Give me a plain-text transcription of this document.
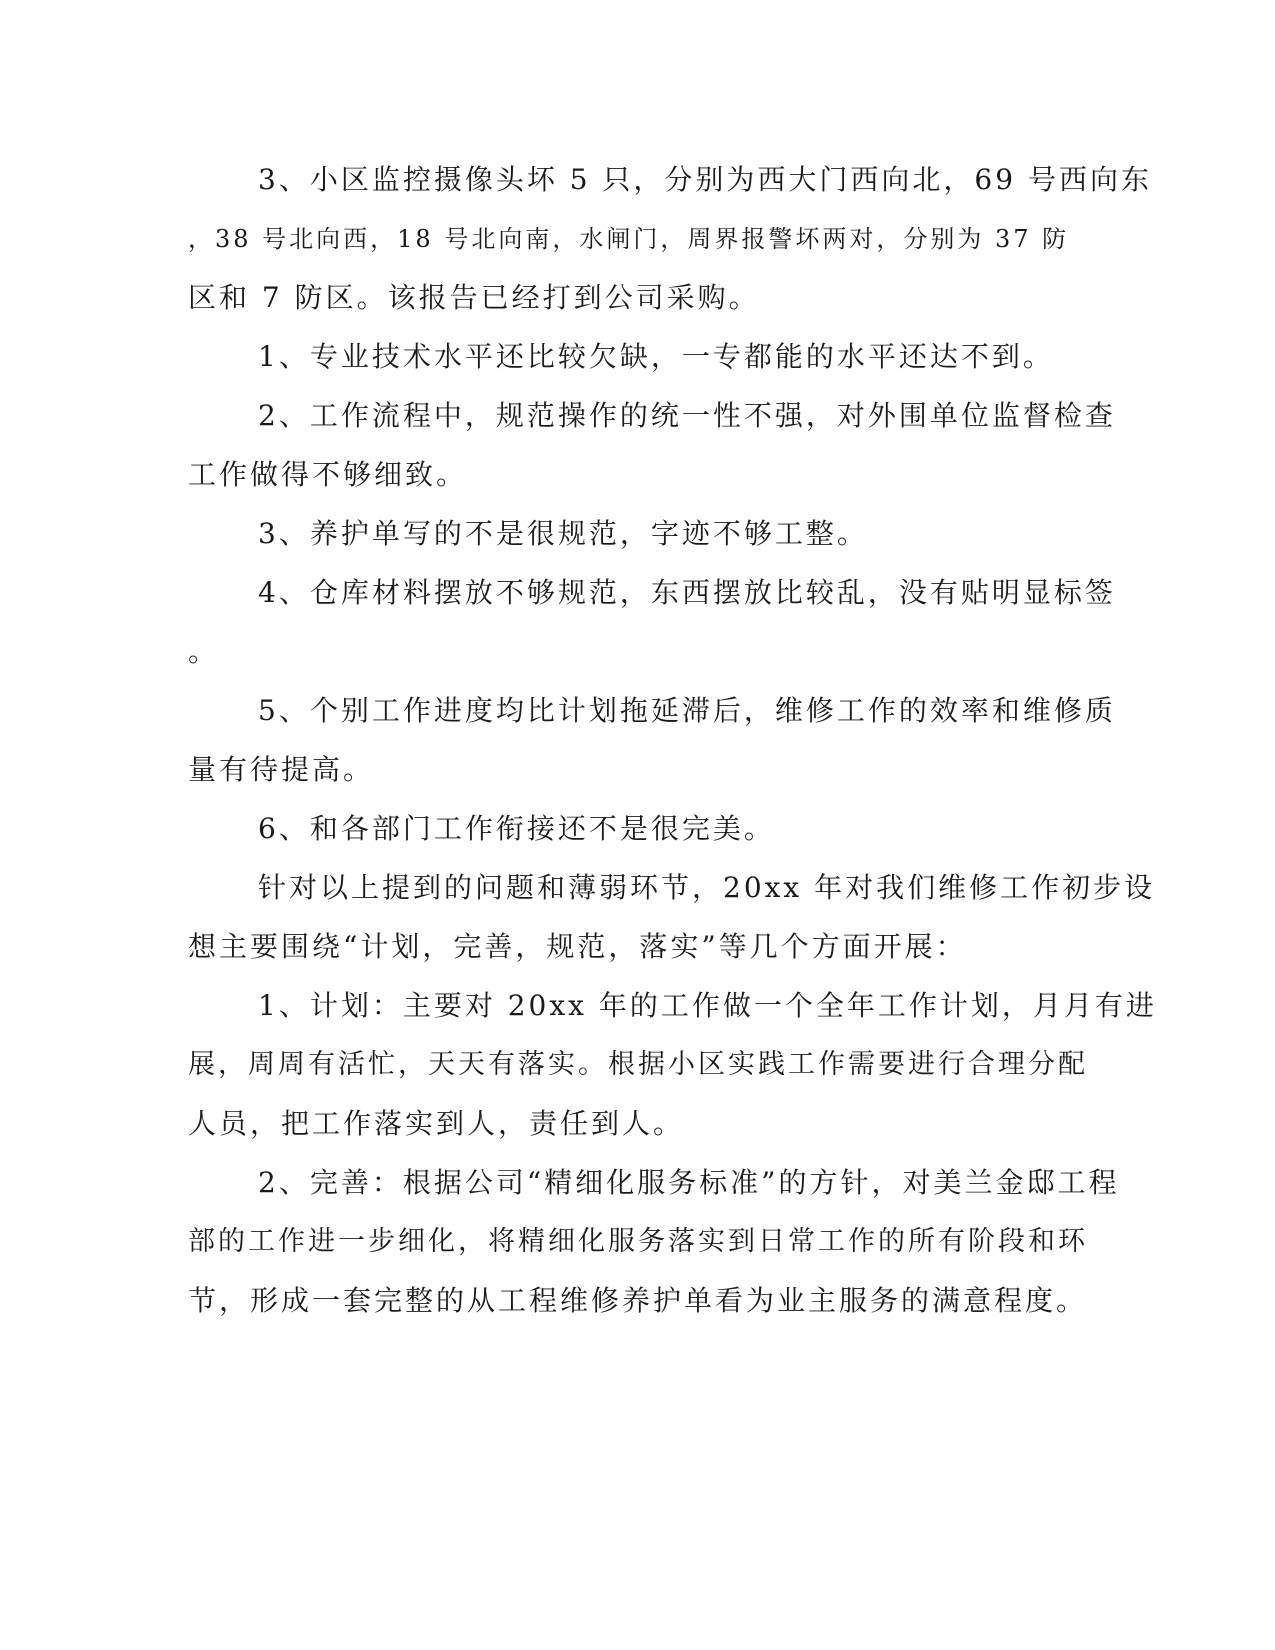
3、小区监控摄像头坏 5 只，分别为西大门西向北，69 号西向东
，38 号北向西，18 号北向南，水闸门，周界报警坏两对，分别为 37 防
区和 7 防区。该报告已经打到公司采购。
1、专业技术水平还比较欠缺，一专都能的水平还达不到。
2、工作流程中，规范操作的统一性不强，对外围单位监督检查
工作做得不够细致。
3、养护单写的不是很规范，字迹不够工整。
4、仓库材料摆放不够规范，东西摆放比较乱，没有贴明显标签
。
5、个别工作进度均比计划拖延滞后，维修工作的效率和维修质
量有待提高。
6、和各部门工作衔接还不是很完美。
针对以上提到的问题和薄弱环节，20xx 年对我们维修工作初步设
想主要围绕“计划，完善，规范，落实”等几个方面开展：
1、计划：主要对 20xx 年的工作做一个全年工作计划，月月有进
展，周周有活忙，天天有落实。根据小区实践工作需要进行合理分配
人员，把工作落实到人，责任到人。
2、完善：根据公司“精细化服务标准”的方针，对美兰金邸工程
部的工作进一步细化，将精细化服务落实到日常工作的所有阶段和环
节，形成一套完整的从工程维修养护单看为业主服务的满意程度。
